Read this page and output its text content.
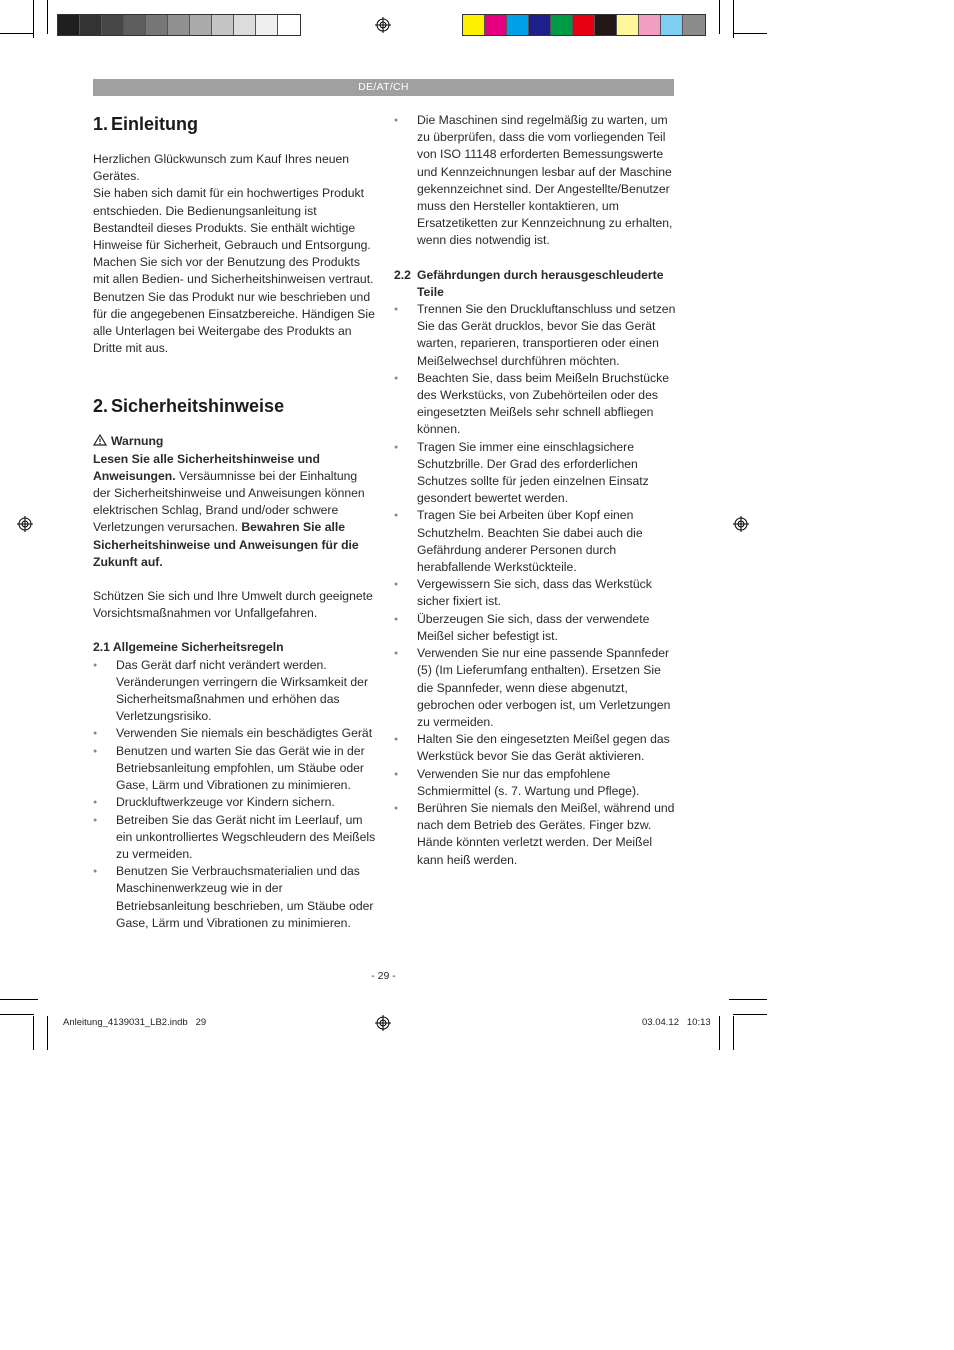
DE/AT/CH
1. Einleitung

Herzlichen Glückwunsch zum Kauf Ihres neuen Gerätes.

Sie haben sich damit für ein hochwertiges Produkt entschieden. Die Bedienungsanleitung ist Bestandteil dieses Produkts. Sie enthält wichtige Hinweise für Sicherheit, Gebrauch und Entsorgung. Machen Sie sich vor der Benutzung des Produkts mit allen Bedien- und Sicherheitshinweisen vertraut. Benutzen Sie das Produkt nur wie beschrieben und für die angegebenen Einsatzbereiche. Händigen Sie alle Unterlagen bei Weitergabe des Produkts an Dritte mit aus.

2. Sicherheitshinweise
Warnung

Lesen Sie alle Sicherheitshinweise und Anweisungen. Versäumnisse bei der Einhaltung der Sicherheitshinweise und Anweisungen können elektrischen Schlag, Brand und/oder schwere Verletzungen verursachen. Bewahren Sie alle Sicherheitshinweise und Anweisungen für die Zukunft auf.

Schützen Sie sich und Ihre Umwelt durch geeignete Vorsichtsmaßnahmen vor Unfallgefahren.

2.1 Allgemeine Sicherheitsregeln
● Das Gerät darf nicht verändert werden. Veränderungen verringern die Wirksamkeit der Sicherheitsmaßnahmen und erhöhen das Verletzungsrisiko.
● Verwenden Sie niemals ein beschädigtes Gerät
● Benutzen und warten Sie das Gerät wie in der Betriebsanleitung empfohlen, um Stäube oder Gase, Lärm und Vibrationen zu minimieren.
● Druckluftwerkzeuge vor Kindern sichern.
● Betreiben Sie das Gerät nicht im Leerlauf, um ein unkontrolliertes Wegschleudern des Meißels zu vermeiden.
● Benutzen Sie Verbrauchsmaterialien und das Maschinenwerkzeug wie in der Betriebsanleitung beschrieben, um Stäube oder Gase, Lärm und Vibrationen zu minimieren.
● Die Maschinen sind regelmäßig zu warten, um zu überprüfen, dass die vom vorliegenden Teil von ISO 11148 erforderten Bemessungswerte und Kennzeichnungen lesbar auf der Maschine gekennzeichnet sind. Der Angestellte/Benutzer muss den Hersteller kontaktieren, um Ersatzetiketten zur Kennzeichnung zu erhalten, wenn dies notwendig ist.
2.2 Gefährdungen durch herausgeschleuderte Teile
● Trennen Sie den Druckluftanschluss und setzen Sie das Gerät drucklos, bevor Sie das Gerät warten, reparieren, transportieren oder einen Meißelwechsel durchführen möchten.
● Beachten Sie, dass beim Meißeln Bruchstücke des Werkstücks, von Zubehörteilen oder des eingesetzten Meißels sehr schnell abfliegen können.
● Tragen Sie immer eine einschlagsichere Schutzbrille. Der Grad des erforderlichen Schutzes sollte für jeden einzelnen Einsatz gesondert bewertet werden.
● Tragen Sie bei Arbeiten über Kopf einen Schutzhelm. Beachten Sie dabei auch die Gefährdung anderer Personen durch herabfallende Werkstückteile.
● Vergewissern Sie sich, dass das Werkstück sicher fixiert ist.
● Überzeugen Sie sich, dass der verwendete Meißel sicher befestigt ist.
● Verwenden Sie nur eine passende Spannfeder (5) (Im Lieferumfang enthalten). Ersetzen Sie die Spannfeder, wenn diese abgenutzt, gebrochen oder verbogen ist, um Verletzungen zu vermeiden.
● Halten Sie den eingesetzten Meißel gegen das Werkstück bevor Sie das Gerät aktivieren.
● Verwenden Sie nur das empfohlene Schmiermittel (s. 7. Wartung und Pflege).
● Berühren Sie niemals den Meißel, während und nach dem Betrieb des Gerätes. Finger bzw. Hände könnten verletzt werden. Der Meißel kann heiß werden.
- 29 -
Anleitung_4139031_LB2.indb   29	03.04.12   10:13
